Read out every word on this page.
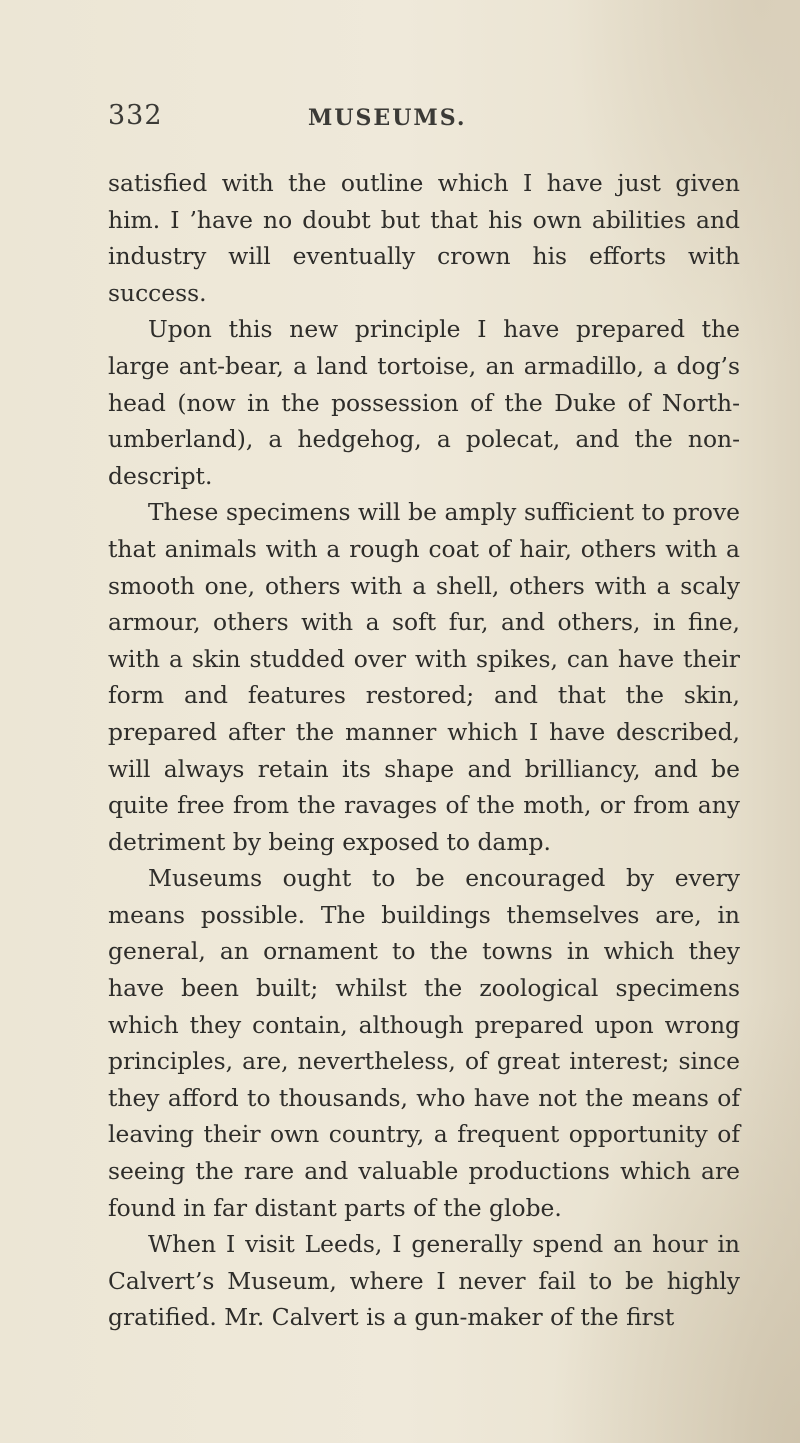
332	MUSEUMS.

satisfied with the outline which I have just given him. I ’have no doubt but that his own abilities and industry will eventually crown his efforts with success.

Upon this new principle I have prepared the large ant-bear, a land tortoise, an armadillo, a dog’s head (now in the possession of the Duke of North-umberland), a hedgehog, a polecat, and the non-descript.

These specimens will be amply sufficient to prove that animals with a rough coat of hair, others with a smooth one, others with a shell, others with a scaly armour, others with a soft fur, and others, in fine, with a skin studded over with spikes, can have their form and features restored; and that the skin, prepared after the manner which I have described, will always retain its shape and brilliancy, and be quite free from the ravages of the moth, or from any detriment by being exposed to damp.

Museums ought to be encouraged by every means possible. The buildings themselves are, in general, an ornament to the towns in which they have been built; whilst the zoological specimens which they contain, although prepared upon wrong principles, are, nevertheless, of great interest; since they afford to thousands, who have not the means of leaving their own country, a frequent opportunity of seeing the rare and valuable productions which are found in far distant parts of the globe.

When I visit Leeds, I generally spend an hour in Calvert’s Museum, where I never fail to be highly gratified. Mr. Calvert is a gun-maker of the first
